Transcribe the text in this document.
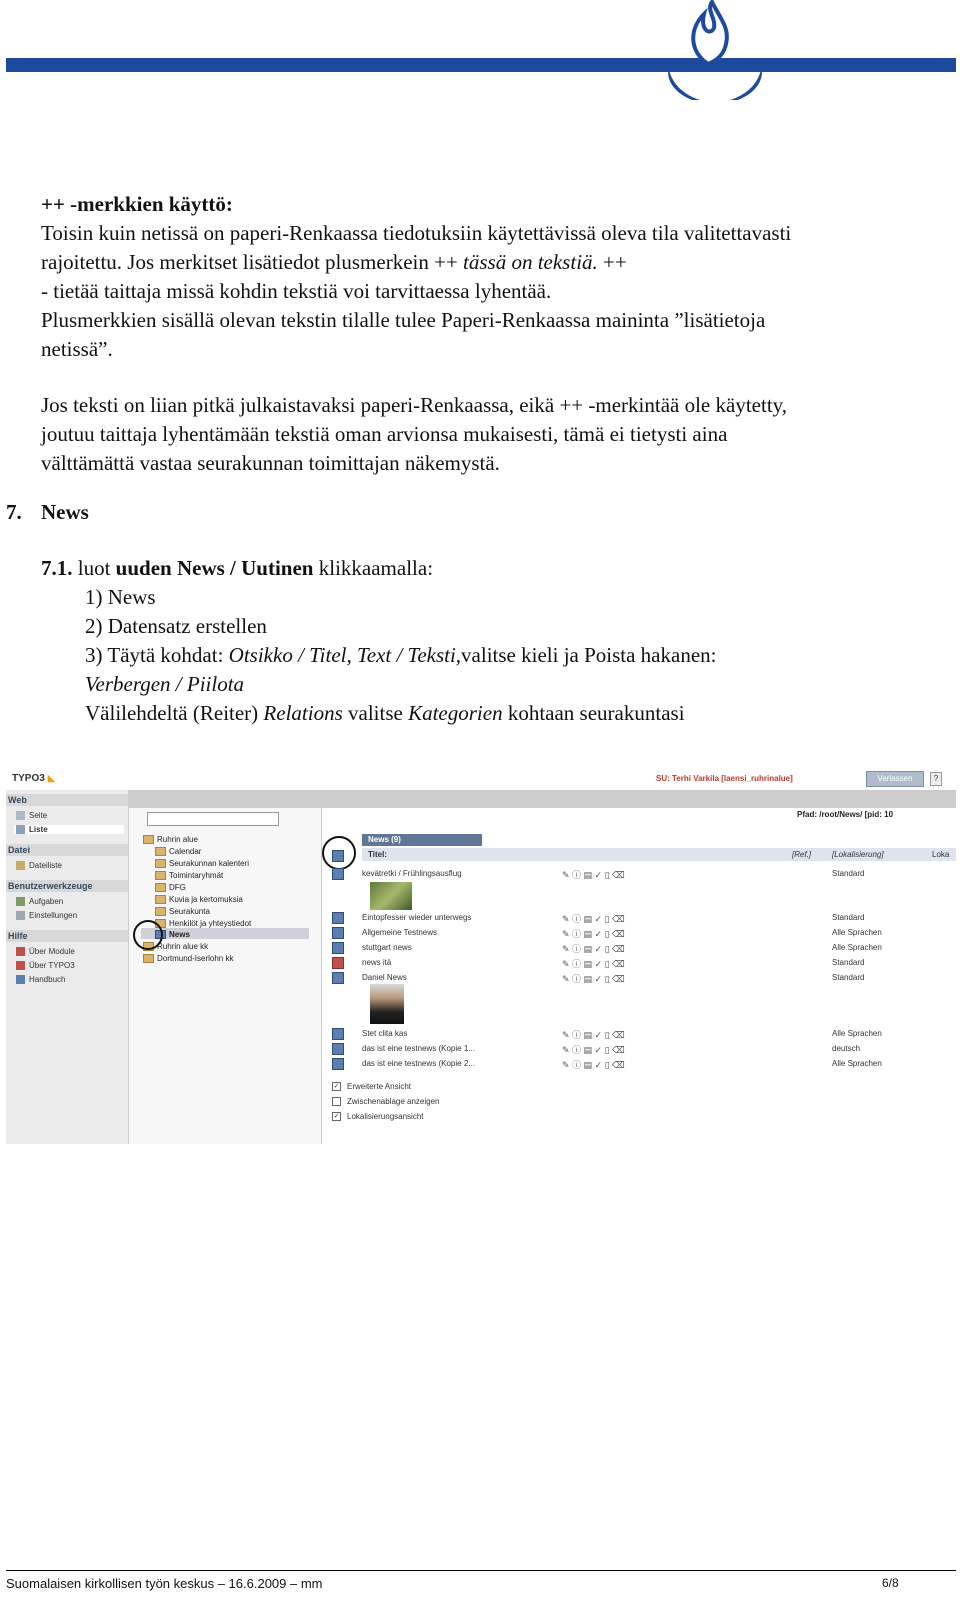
++ -merkkien käyttö:
Toisin kuin netissä on paperi-Renkaassa tiedotuksiin käytettävissä oleva tila valitettavasti
rajoitettu. Jos merkitset lisätiedot plusmerkein ++ tässä on tekstiä. ++
- tietää taittaja missä kohdin tekstiä voi tarvittaessa lyhentää.
Plusmerkkien sisällä olevan tekstin tilalle tulee Paperi-Renkaassa maininta ”lisätietoja
netissä”.
Jos teksti on liian pitkä julkaistavaksi paperi-Renkaassa, eikä ++ -merkintää ole käytetty,
joutuu taittaja lyhentämään tekstiä oman arvionsa mukaisesti, tämä ei tietysti aina
välttämättä vastaa seurakunnan toimittajan näkemystä.
7. News
7.1. luot uuden News / Uutinen klikkaamalla:
1) News
2) Datensatz erstellen
3) Täytä kohdat: Otsikko / Titel, Text / Teksti,valitse kieli ja Poista hakanen:
Verbergen / Piilota
Välilehdeltä (Reiter) Relations valitse Kategorien kohtaan seurakuntasi
TYPO3 ◣	SU: Terhi Varkila [laensi_ruhrinalue]	Verlassen	?
Web
Seite
Liste
Datei
Dateiliste
Benutzerwerkzeuge
Aufgaben
Einstellungen
Hilfe
Über Module
Über TYPO3
Handbuch
Ruhrin alue
Calendar
Seurakunnan kalenteri
Toimintaryhmät
DFG
Kuvia ja kertomuksia
Seurakunta
Henkilöt ja yhteystiedot
News
Ruhrin alue kk
Dortmund-Iserlohn kk
Pfad: /root/News/ [pid: 10
News (9)
Titel:	[Ref.]	[Lokalisierung]	Loka
kevätretki / Frühlingsausflug	✎ ⓘ ▤ ✓ ▯ ⌫	Standard
Eintopfesser wieder unterwegs	✎ ⓘ ▤ ✓ ▯ ⌫	Standard
Allgemeine Testnews	✎ ⓘ ▤ ✓ ▯ ⌫	Alle Sprachen
stuttgart news	✎ ⓘ ▤ ✓ ▯ ⌫	Alle Sprachen
news itä	✎ ⓘ ▤ ✓ ▯ ⌫	Standard
Daniel News	✎ ⓘ ▤ ✓ ▯ ⌫	Standard
Stet clita kas	✎ ⓘ ▤ ✓ ▯ ⌫	Alle Sprachen
das ist eine testnews (Kopie 1...	✎ ⓘ ▤ ✓ ▯ ⌫	deutsch
das ist eine testnews (Kopie 2...	✎ ⓘ ▤ ✓ ▯ ⌫	Alle Sprachen
✓ Erweiterte Ansicht
Zwischenablage anzeigen
✓ Lokalisierungsansicht
Suomalaisen kirkollisen työn keskus – 16.6.2009 – mm	6/8
